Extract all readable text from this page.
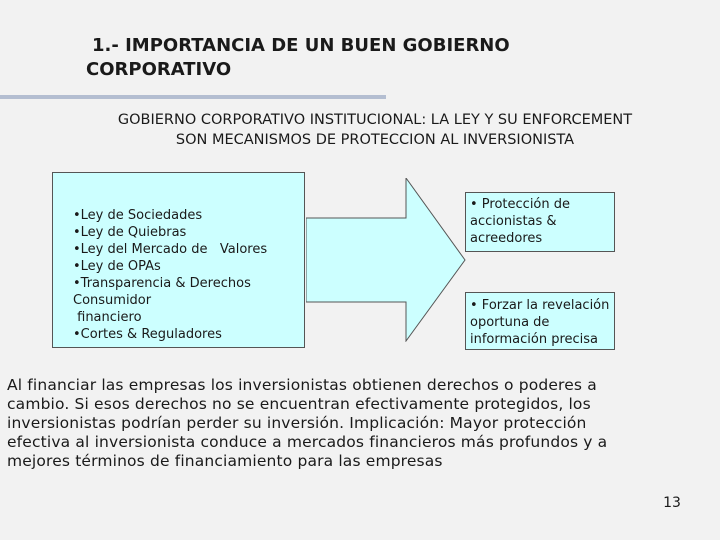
1.- IMPORTANCIA DE UN BUEN GOBIERNO
CORPORATIVO
GOBIERNO CORPORATIVO INSTITUCIONAL: LA LEY Y SU ENFORCEMENT
SON MECANISMOS DE PROTECCION AL INVERSIONISTA
•Ley de Sociedades
•Ley de Quiebras
•Ley del Mercado de   Valores
•Ley de OPAs
•Transparencia & Derechos
Consumidor
financiero
•Cortes & Reguladores
• Protección de
accionistas &
acreedores
• Forzar la revelación
oportuna de
información precisa
Al financiar las empresas los inversionistas obtienen derechos o poderes a
cambio. Si esos derechos no se encuentran efectivamente protegidos, los
inversionistas podrían perder su inversión. Implicación: Mayor protección
efectiva al inversionista conduce a mercados financieros más profundos y a
mejores términos de financiamiento para las empresas
13
